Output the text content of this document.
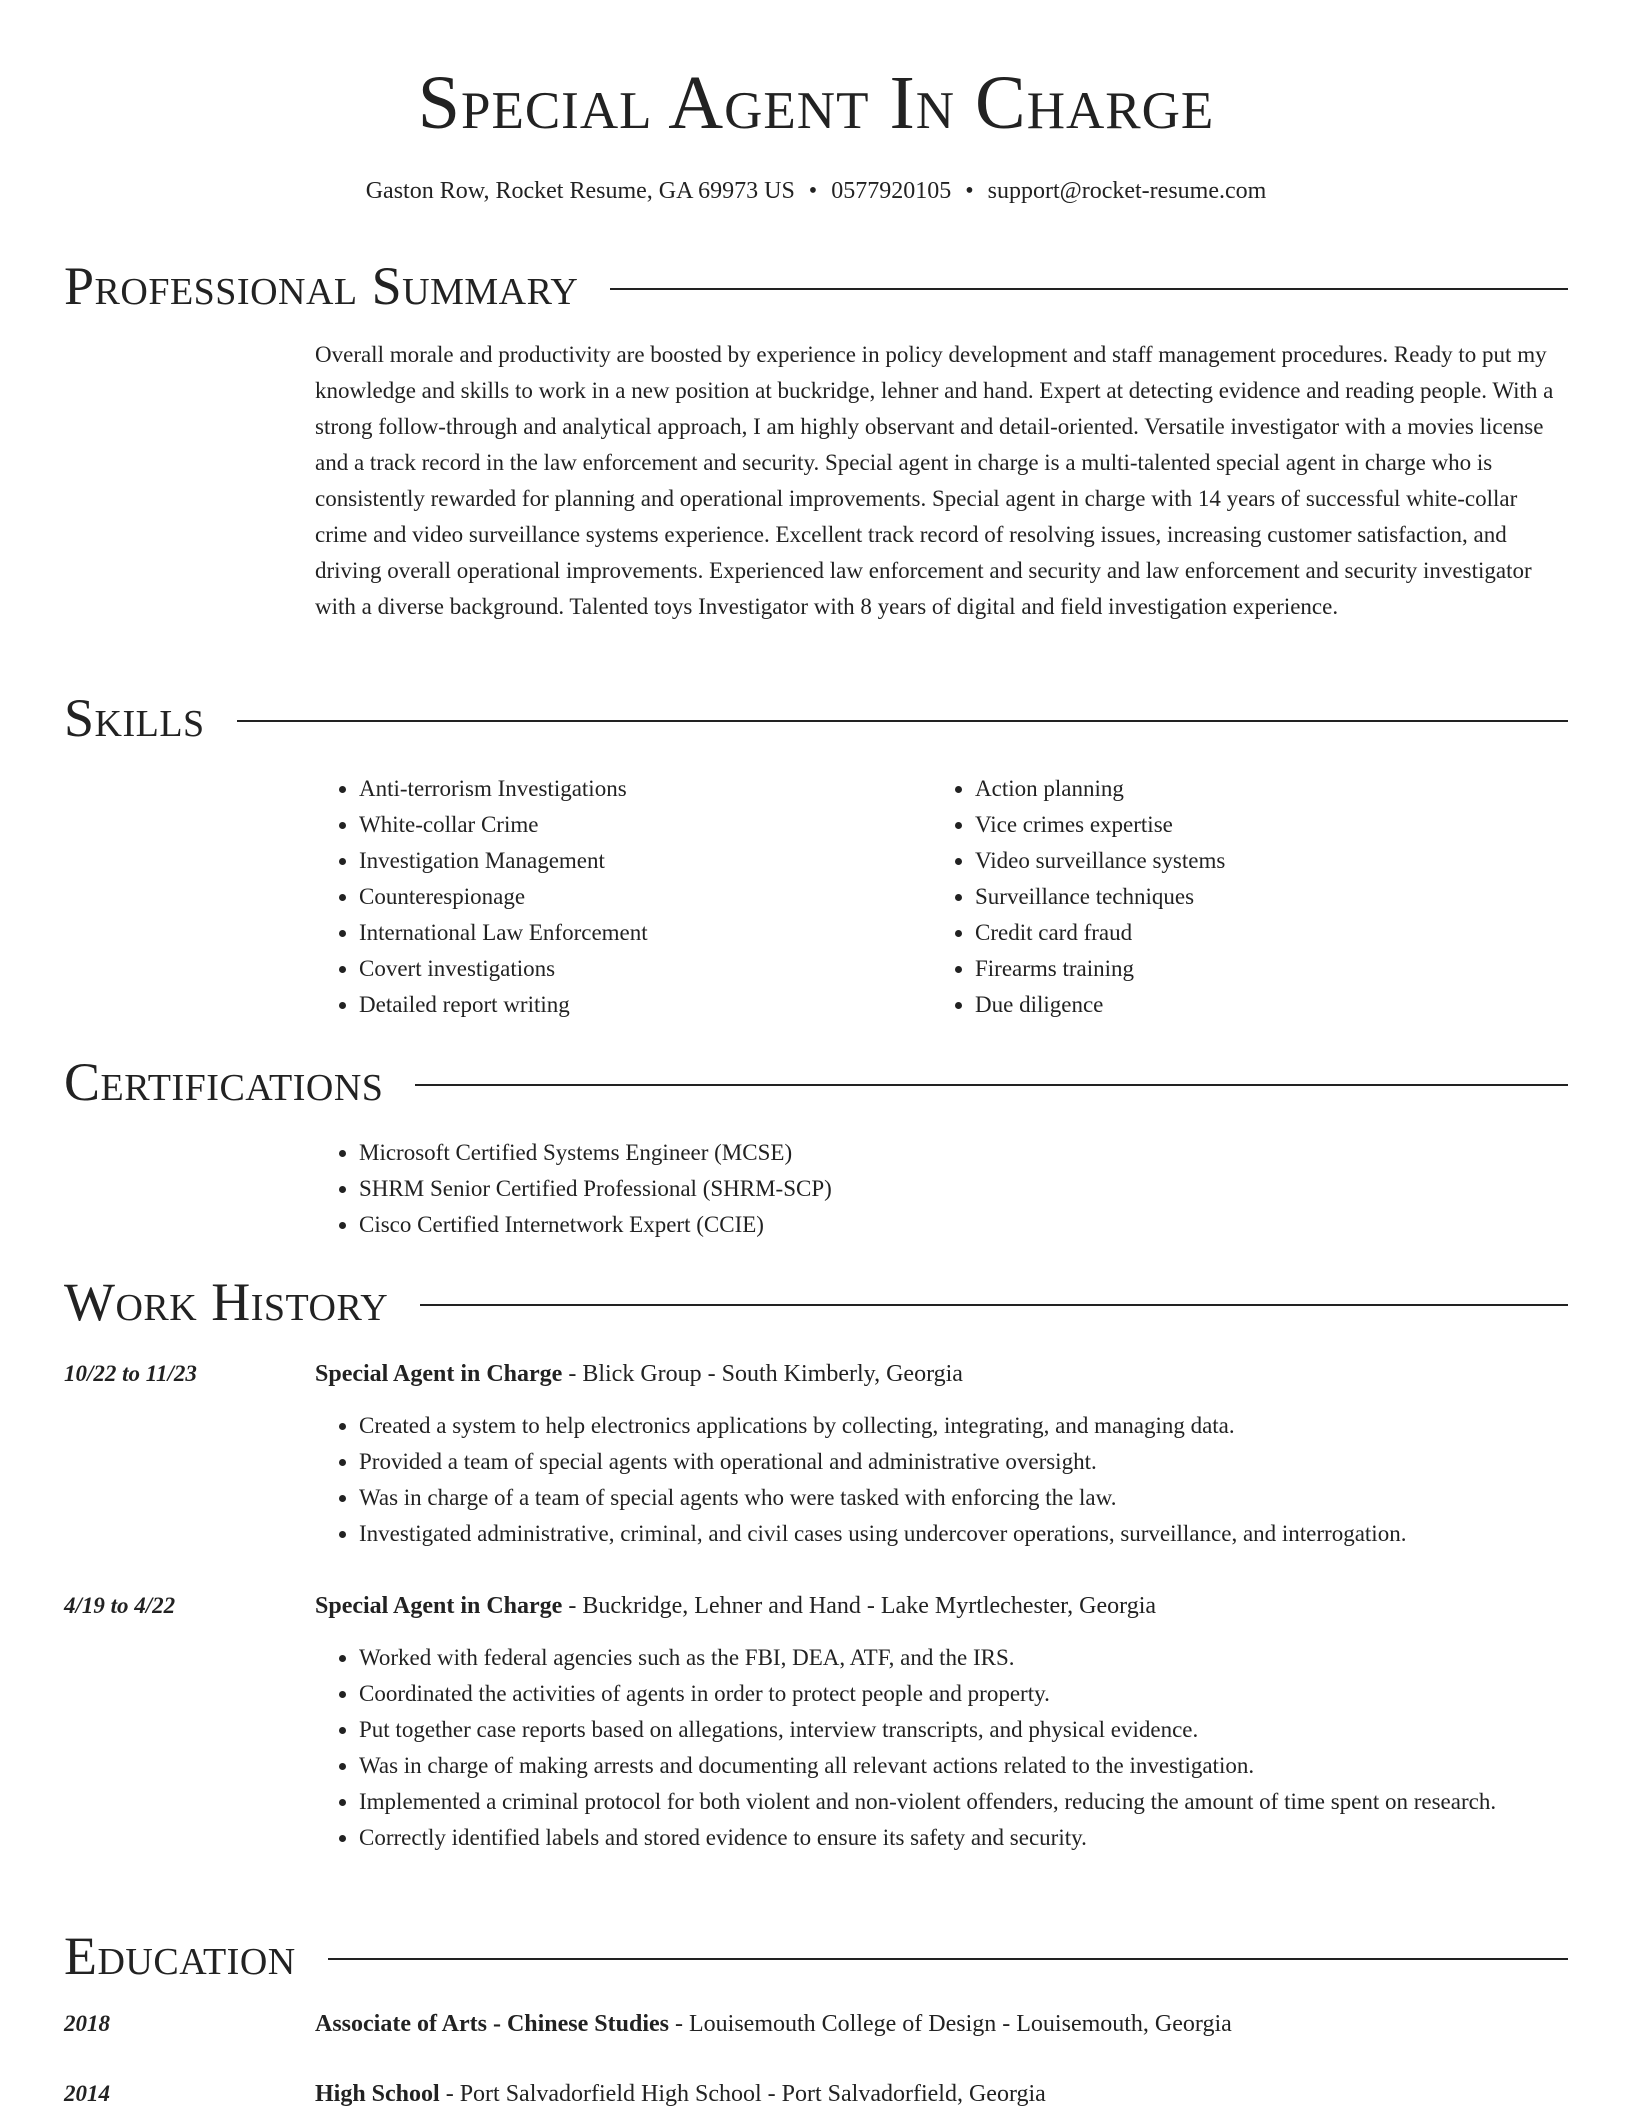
Special Agent In Charge
Gaston Row, Rocket Resume, GA 69973 US • 0577920105 • support@rocket-resume.com
Professional Summary

Overall morale and productivity are boosted by experience in policy development and staff management procedures. Ready to put my knowledge and skills to work in a new position at buckridge, lehner and hand. Expert at detecting evidence and reading people. With a strong follow-through and analytical approach, I am highly observant and detail-oriented. Versatile investigator with a movies license and a track record in the law enforcement and security. Special agent in charge is a multi-talented special agent in charge who is consistently rewarded for planning and operational improvements. Special agent in charge with 14 years of successful white-collar crime and video surveillance systems experience. Excellent track record of resolving issues, increasing customer satisfaction, and driving overall operational improvements. Experienced law enforcement and security and law enforcement and security investigator with a diverse background. Talented toys Investigator with 8 years of digital and field investigation experience.

Skills
• Anti-terrorism Investigations
• White-collar Crime
• Investigation Management
• Counterespionage
• International Law Enforcement
• Covert investigations
• Detailed report writing
• Action planning
• Vice crimes expertise
• Video surveillance systems
• Surveillance techniques
• Credit card fraud
• Firearms training
• Due diligence
Certifications
• Microsoft Certified Systems Engineer (MCSE)
• SHRM Senior Certified Professional (SHRM-SCP)
• Cisco Certified Internetwork Expert (CCIE)
Work History
10/22 to 11/23	Special Agent in Charge - Blick Group - South Kimberly, Georgia
• Created a system to help electronics applications by collecting, integrating, and managing data.
• Provided a team of special agents with operational and administrative oversight.
• Was in charge of a team of special agents who were tasked with enforcing the law.
• Investigated administrative, criminal, and civil cases using undercover operations, surveillance, and interrogation.
4/19 to 4/22	Special Agent in Charge - Buckridge, Lehner and Hand - Lake Myrtlechester, Georgia
• Worked with federal agencies such as the FBI, DEA, ATF, and the IRS.
• Coordinated the activities of agents in order to protect people and property.
• Put together case reports based on allegations, interview transcripts, and physical evidence.
• Was in charge of making arrests and documenting all relevant actions related to the investigation.
• Implemented a criminal protocol for both violent and non-violent offenders, reducing the amount of time spent on research.
• Correctly identified labels and stored evidence to ensure its safety and security.
Education
2018	Associate of Arts - Chinese Studies - Louisemouth College of Design - Louisemouth, Georgia
2014	High School - Port Salvadorfield High School - Port Salvadorfield, Georgia
